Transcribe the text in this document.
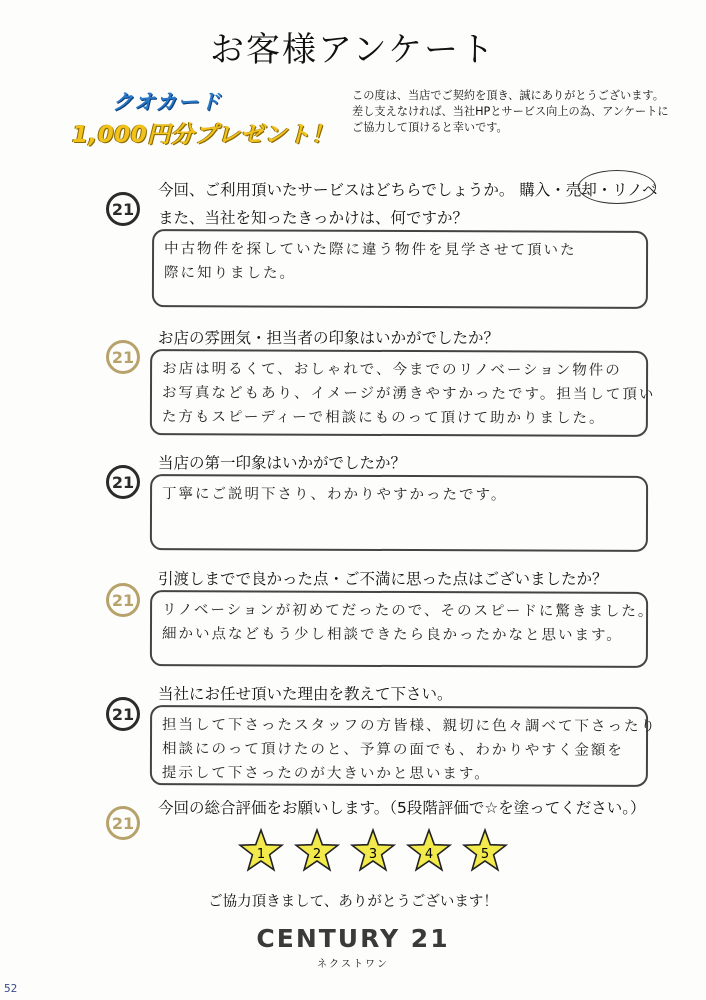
お客様アンケート
クオカード
1,000円分プレゼント！
この度は、当店でご契約を頂き、誠にありがとうございます。
差し支えなければ、当社HPとサービス向上の為、アンケートに
ご協力して頂けると幸いです。
21
今回、ご利用頂いたサービスはどちらでしょうか。 購入・売却・リノベ
また、当社を知ったきっかけは、何ですか？
中古物件を探していた際に違う物件を見学させて頂いた
際に知りました。
21
お店の雰囲気・担当者の印象はいかがでしたか？
お店は明るくて、おしゃれで、今までのリノベーション物件の
お写真などもあり、イメージが湧きやすかったです。担当して頂い
た方もスピーディーで相談にものって頂けて助かりました。
21
当店の第一印象はいかがでしたか？
丁寧にご説明下さり、わかりやすかったです。
21
引渡しまでで良かった点・ご不満に思った点はございましたか？
リノベーションが初めてだったので、そのスピードに驚きました。
細かい点などもう少し相談できたら良かったかなと思います。
21
当社にお任せ頂いた理由を教えて下さい。
担当して下さったスタッフの方皆様、親切に色々調べて下さったり
相談にのって頂けたのと、予算の面でも、わかりやすく金額を
提示して下さったのが大きいかと思います。
21
今回の総合評価をお願いします。（5段階評価で☆を塗ってください。）
1	2	3	4	5
ご協力頂きまして、ありがとうございます！
CENTURY 21
ネクストワン
52
